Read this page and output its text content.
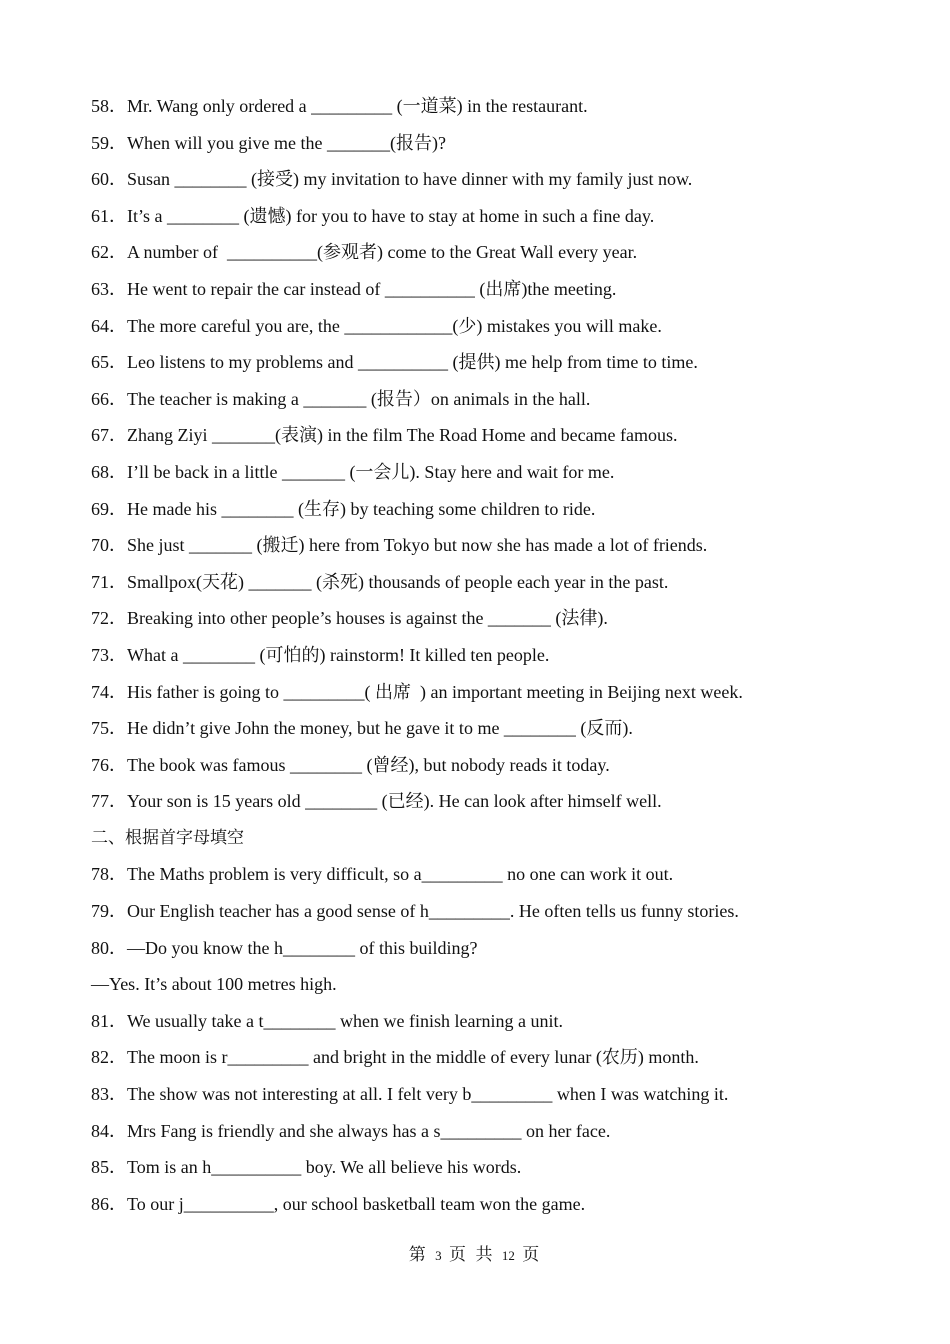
58．Mr. Wang only ordered a _________ (一道菜) in the restaurant.
59．When will you give me the _______(报告)?
60．Susan ________ (接受) my invitation to have dinner with my family just now.
61．It’s a ________ (遗憾) for you to have to stay at home in such a fine day.
62．A number of  __________(参观者) come to the Great Wall every year.
63．He went to repair the car instead of __________ (出席)the meeting.
64．The more careful you are, the ____________(少) mistakes you will make.
65．Leo listens to my problems and __________ (提供) me help from time to time.
66．The teacher is making a _______ (报告）on animals in the hall.
67．Zhang Ziyi _______(表演) in the film The Road Home and became famous.
68．I’ll be back in a little _______ (一会儿). Stay here and wait for me.
69．He made his ________ (生存) by teaching some children to ride.
70．She just _______ (搬迁) here from Tokyo but now she has made a lot of friends.
71．Smallpox(天花) _______ (杀死) thousands of people each year in the past.
72．Breaking into other people’s houses is against the _______ (法律).
73．What a ________ (可怕的) rainstorm! It killed ten people.
74．His father is going to _________( 出席  ) an important meeting in Beijing next week.
75．He didn’t give John the money, but he gave it to me ________ (反而).
76．The book was famous ________ (曾经), but nobody reads it today.
77．Your son is 15 years old ________ (已经). He can look after himself well.
二、根据首字母填空
78．The Maths problem is very difficult, so a_________ no one can work it out.
79．Our English teacher has a good sense of h_________. He often tells us funny stories.
80．—Do you know the h________ of this building?
—Yes. It’s about 100 metres high.
81．We usually take a t________ when we finish learning a unit.
82．The moon is r_________ and bright in the middle of every lunar (农历) month.
83．The show was not interesting at all. I felt very b_________ when I was watching it.
84．Mrs Fang is friendly and she always has a s_________ on her face.
85．Tom is an h__________ boy. We all believe his words.
86．To our j__________, our school basketball team won the game.
第 3 页 共 12 页
